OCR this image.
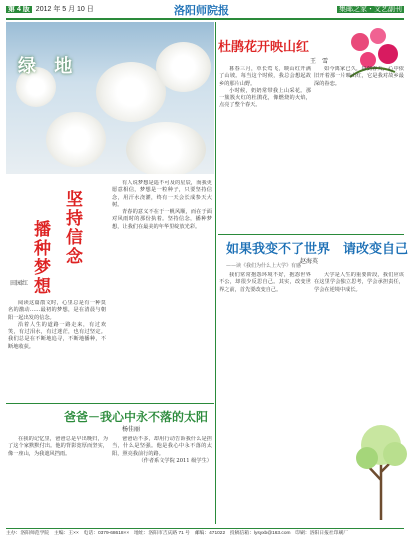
第 4 版 2012 年 5 月 10 日	洛阳师院报	集邮之家・文艺副刊
绿 地
坚持信念
播种梦想
田园红

阅读这篇散文时，心里总是有一种莫名的激动……最初的梦想，是在清晨与朝阳一起出发的信念。

沿着人生的道路一路走来，有过欢笑，有过泪水，有过迷茫，也有过坚定。我们总是在不断地追寻，不断地播种，不断地收获。

有人说梦想是遥不可及的星辰，而我更愿意相信，梦想是一粒种子，只要坚持信念，用汗水浇灌，终有一天会长成参天大树。

青春的意义不在于一帆风顺，而在于面对风雨时的那份执着。坚持信念，播种梦想，让我们在最美的年华里绽放光彩。

爸爸－我心中永不落的太阳
杨佳丽

在我的记忆里，爸爸总是早出晚归，为了这个家默默付出。他的背影宽厚而坚实，像一座山，为我遮风挡雨。

爸爸话不多，却用行动告诉我什么是担当，什么是坚强。他是我心中永不落的太阳，照亮我前行的路。

（作者系文学院 2011 级学生）

杜鹃花开映山红
王　雪

暮春三月，草长莺飞，映山红开满了山坡。每当这个时候，我总会想起故乡的那片山野。

小时候，奶奶常带我上山采花。那一簇簇火红的杜鹃花，像燃烧的火焰，点亮了整个春天。

如今离家已久，每到春天，心中依旧开着那一片映山红，它是我对故乡最深的眷恋。

如果我变不了世界　请改变自己
赵海英
——读《我们为什么上大学》有感

我们常常抱怨环境不好，抱怨世界不公，却很少反思自己。其实，改变世界之前，首先要改变自己。

大学是人生的重要阶段，我们应该在这里学会独立思考，学会承担责任，学会在逆境中成长。

主办：洛阳师范学院　主编：王××　电话：0379-68618××　地址：洛阳市吉庆路 71 号　邮编：471022　投稿信箱：lysyxb@163.com　印刷：洛阳日报社印刷厂
